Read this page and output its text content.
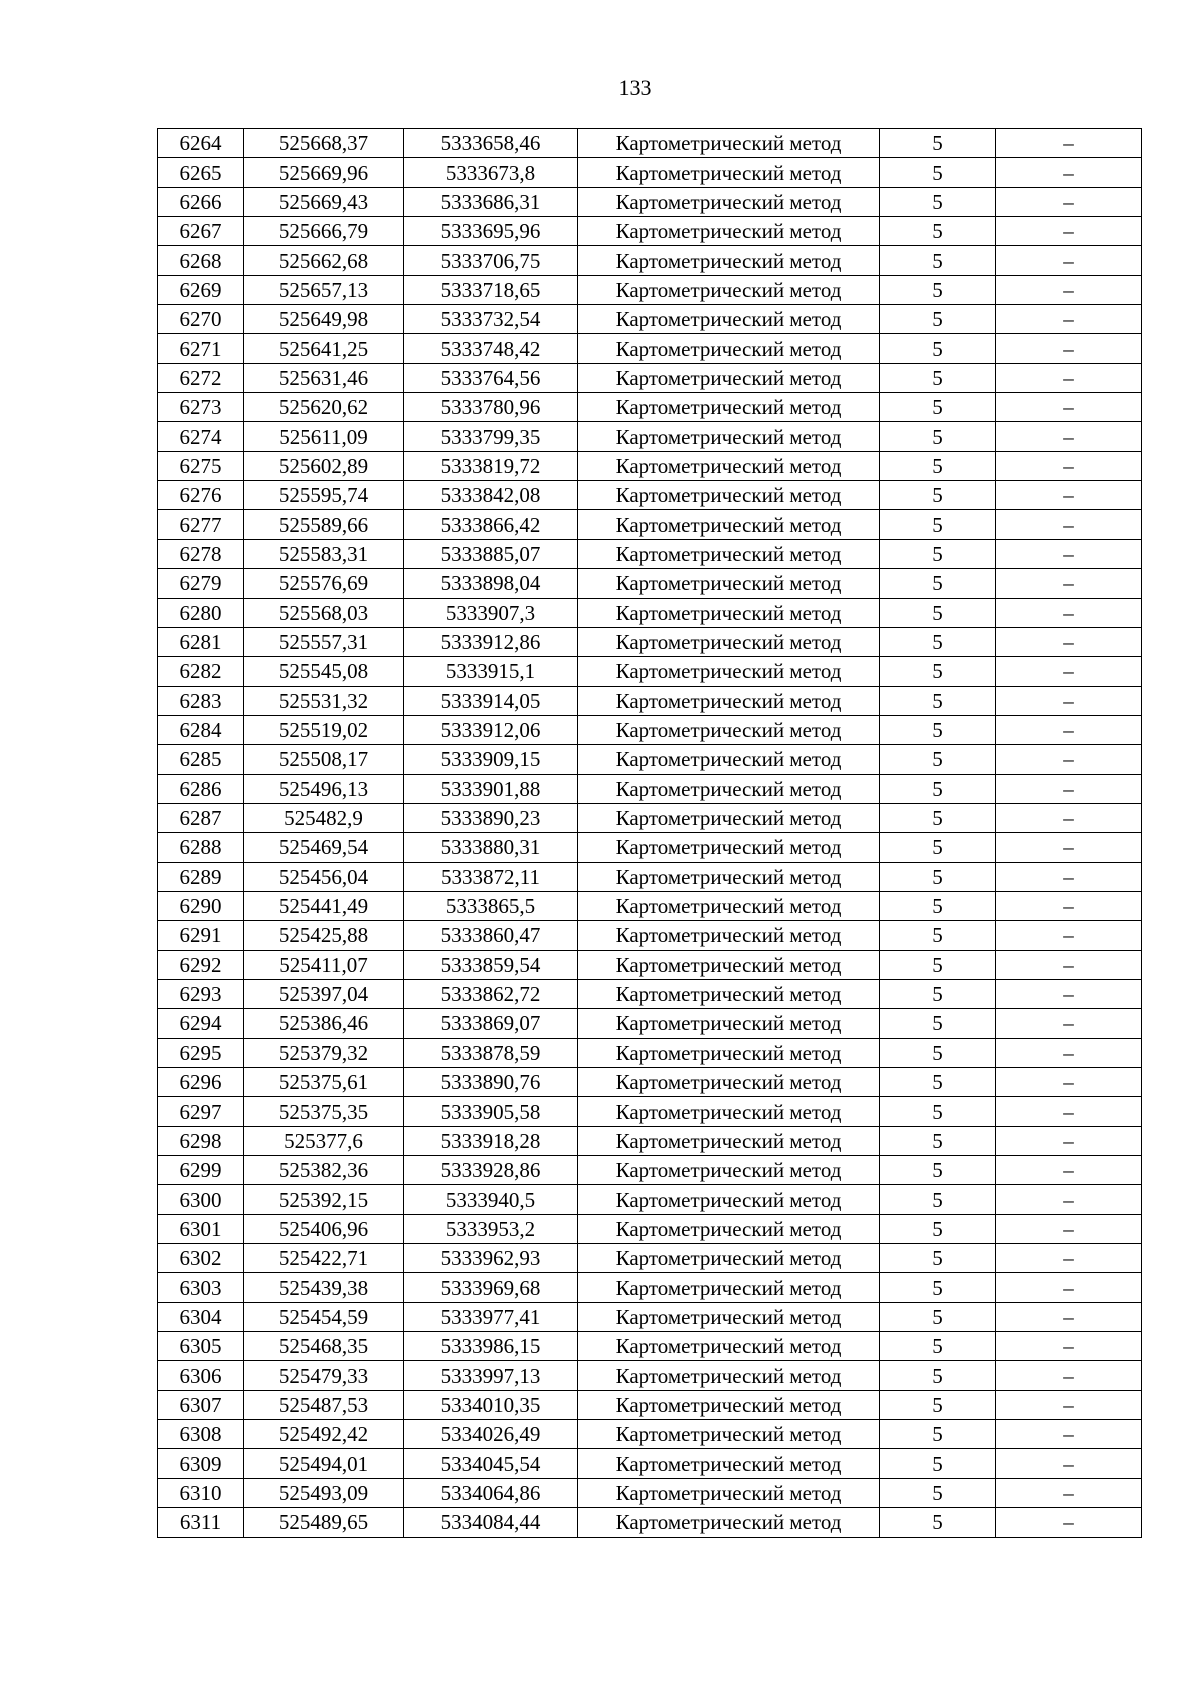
133
6264	525668,37	5333658,46	Картометрический метод	5	–
6265	525669,96	5333673,8	Картометрический метод	5	–
6266	525669,43	5333686,31	Картометрический метод	5	–
6267	525666,79	5333695,96	Картометрический метод	5	–
6268	525662,68	5333706,75	Картометрический метод	5	–
6269	525657,13	5333718,65	Картометрический метод	5	–
6270	525649,98	5333732,54	Картометрический метод	5	–
6271	525641,25	5333748,42	Картометрический метод	5	–
6272	525631,46	5333764,56	Картометрический метод	5	–
6273	525620,62	5333780,96	Картометрический метод	5	–
6274	525611,09	5333799,35	Картометрический метод	5	–
6275	525602,89	5333819,72	Картометрический метод	5	–
6276	525595,74	5333842,08	Картометрический метод	5	–
6277	525589,66	5333866,42	Картометрический метод	5	–
6278	525583,31	5333885,07	Картометрический метод	5	–
6279	525576,69	5333898,04	Картометрический метод	5	–
6280	525568,03	5333907,3	Картометрический метод	5	–
6281	525557,31	5333912,86	Картометрический метод	5	–
6282	525545,08	5333915,1	Картометрический метод	5	–
6283	525531,32	5333914,05	Картометрический метод	5	–
6284	525519,02	5333912,06	Картометрический метод	5	–
6285	525508,17	5333909,15	Картометрический метод	5	–
6286	525496,13	5333901,88	Картометрический метод	5	–
6287	525482,9	5333890,23	Картометрический метод	5	–
6288	525469,54	5333880,31	Картометрический метод	5	–
6289	525456,04	5333872,11	Картометрический метод	5	–
6290	525441,49	5333865,5	Картометрический метод	5	–
6291	525425,88	5333860,47	Картометрический метод	5	–
6292	525411,07	5333859,54	Картометрический метод	5	–
6293	525397,04	5333862,72	Картометрический метод	5	–
6294	525386,46	5333869,07	Картометрический метод	5	–
6295	525379,32	5333878,59	Картометрический метод	5	–
6296	525375,61	5333890,76	Картометрический метод	5	–
6297	525375,35	5333905,58	Картометрический метод	5	–
6298	525377,6	5333918,28	Картометрический метод	5	–
6299	525382,36	5333928,86	Картометрический метод	5	–
6300	525392,15	5333940,5	Картометрический метод	5	–
6301	525406,96	5333953,2	Картометрический метод	5	–
6302	525422,71	5333962,93	Картометрический метод	5	–
6303	525439,38	5333969,68	Картометрический метод	5	–
6304	525454,59	5333977,41	Картометрический метод	5	–
6305	525468,35	5333986,15	Картометрический метод	5	–
6306	525479,33	5333997,13	Картометрический метод	5	–
6307	525487,53	5334010,35	Картометрический метод	5	–
6308	525492,42	5334026,49	Картометрический метод	5	–
6309	525494,01	5334045,54	Картометрический метод	5	–
6310	525493,09	5334064,86	Картометрический метод	5	–
6311	525489,65	5334084,44	Картометрический метод	5	–
